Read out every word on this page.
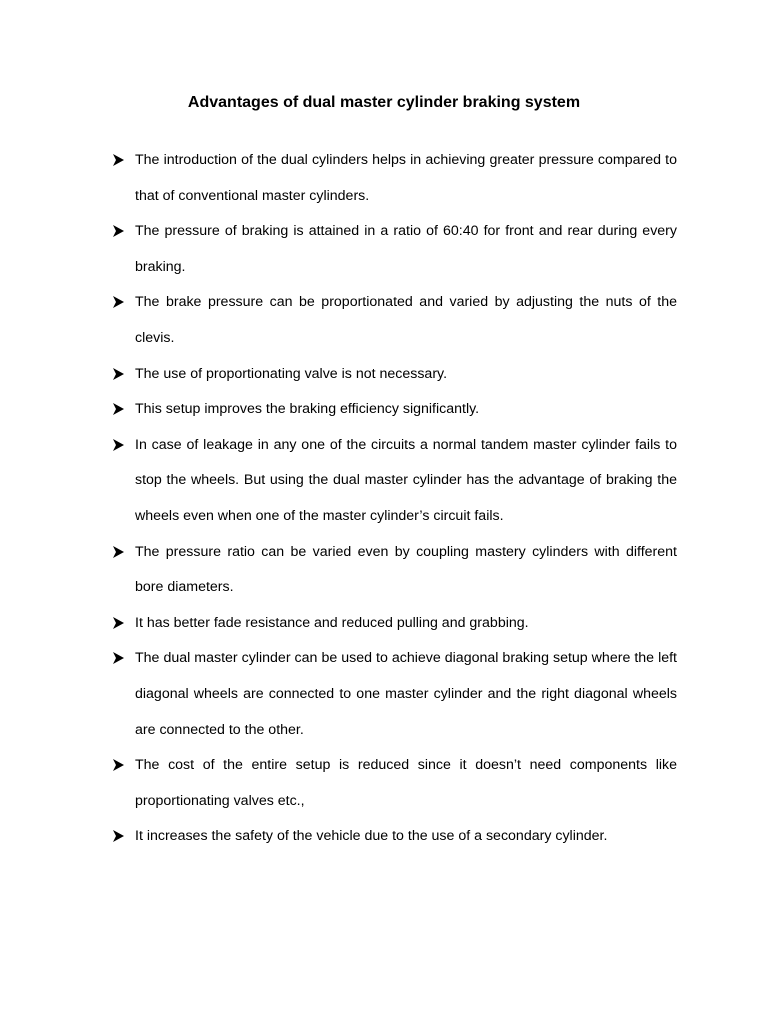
Advantages of dual master cylinder braking system
The introduction of the dual cylinders helps in achieving greater pressure compared to that of conventional master cylinders.
The pressure of braking is attained in a ratio of 60:40 for front and rear during every braking.
The brake pressure can be proportionated and varied by adjusting the nuts of the clevis.
The use of proportionating valve is not necessary.
This setup improves the braking efficiency significantly.
In case of leakage in any one of the circuits a normal tandem master cylinder fails to stop the wheels. But using the dual master cylinder has the advantage of braking the wheels even when one of the master cylinder’s circuit fails.
The pressure ratio can be varied even by coupling mastery cylinders with different bore diameters.
It has better fade resistance and reduced pulling and grabbing.
The dual master cylinder can be used to achieve diagonal braking setup where the left diagonal wheels are connected to one master cylinder and the right diagonal wheels are connected to the other.
The cost of the entire setup is reduced since it doesn’t need components like proportionating valves etc.,
It increases the safety of the vehicle due to the use of a secondary cylinder.
